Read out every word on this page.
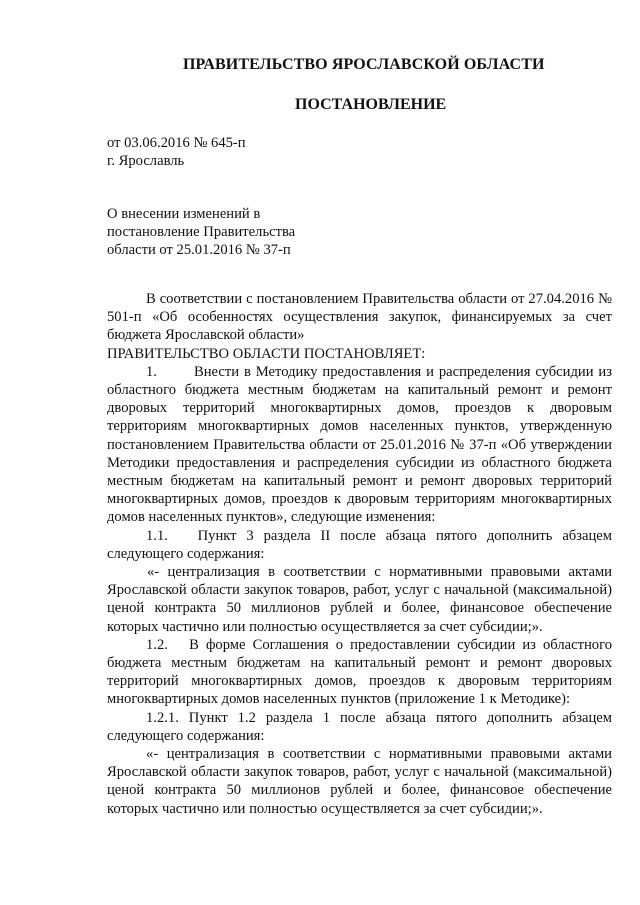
ПРАВИТЕЛЬСТВО ЯРОСЛАВСКОЙ ОБЛАСТИ
ПОСТАНОВЛЕНИЕ
от 03.06.2016 № 645-п
г. Ярославль
О внесении изменений в
постановление Правительства
области от 25.01.2016 № 37-п

В соответствии с постановлением Правительства области от 27.04.2016 № 501-п «Об особенностях осуществления закупок, финансируемых за счет бюджета Ярославской области»

ПРАВИТЕЛЬСТВО ОБЛАСТИ ПОСТАНОВЛЯЕТ:

1.	Внести в Методику предоставления и распределения субсидии из областного бюджета местным бюджетам на капитальный ремонт и ремонт дворовых территорий многоквартирных домов, проездов к дворовым территориям многоквартирных домов населенных пунктов, утвержденную постановлением Правительства области от 25.01.2016 № 37-п «Об утверждении Методики предоставления и распределения субсидии из областного бюджета местным бюджетам на капитальный ремонт и ремонт дворовых территорий многоквартирных домов, проездов к дворовым территориям многоквартирных домов населенных пунктов», следующие изменения:

1.1. Пункт 3 раздела II после абзаца пятого дополнить абзацем следующего содержания:

«- централизация в соответствии с нормативными правовыми актами Ярославской области закупок товаров, работ, услуг с начальной (максимальной) ценой контракта 50 миллионов рублей и более, финансовое обеспечение которых частично или полностью осуществляется за счет субсидии;».

1.2. В форме Соглашения о предоставлении субсидии из областного бюджета местным бюджетам на капитальный ремонт и ремонт дворовых территорий многоквартирных домов, проездов к дворовым территориям многоквартирных домов населенных пунктов (приложение 1 к Методике):

1.2.1. Пункт 1.2 раздела 1 после абзаца пятого дополнить абзацем следующего содержания:

«- централизация в соответствии с нормативными правовыми актами Ярославской области закупок товаров, работ, услуг с начальной (максимальной) ценой контракта 50 миллионов рублей и более, финансовое обеспечение которых частично или полностью осуществляется за счет субсидии;».
